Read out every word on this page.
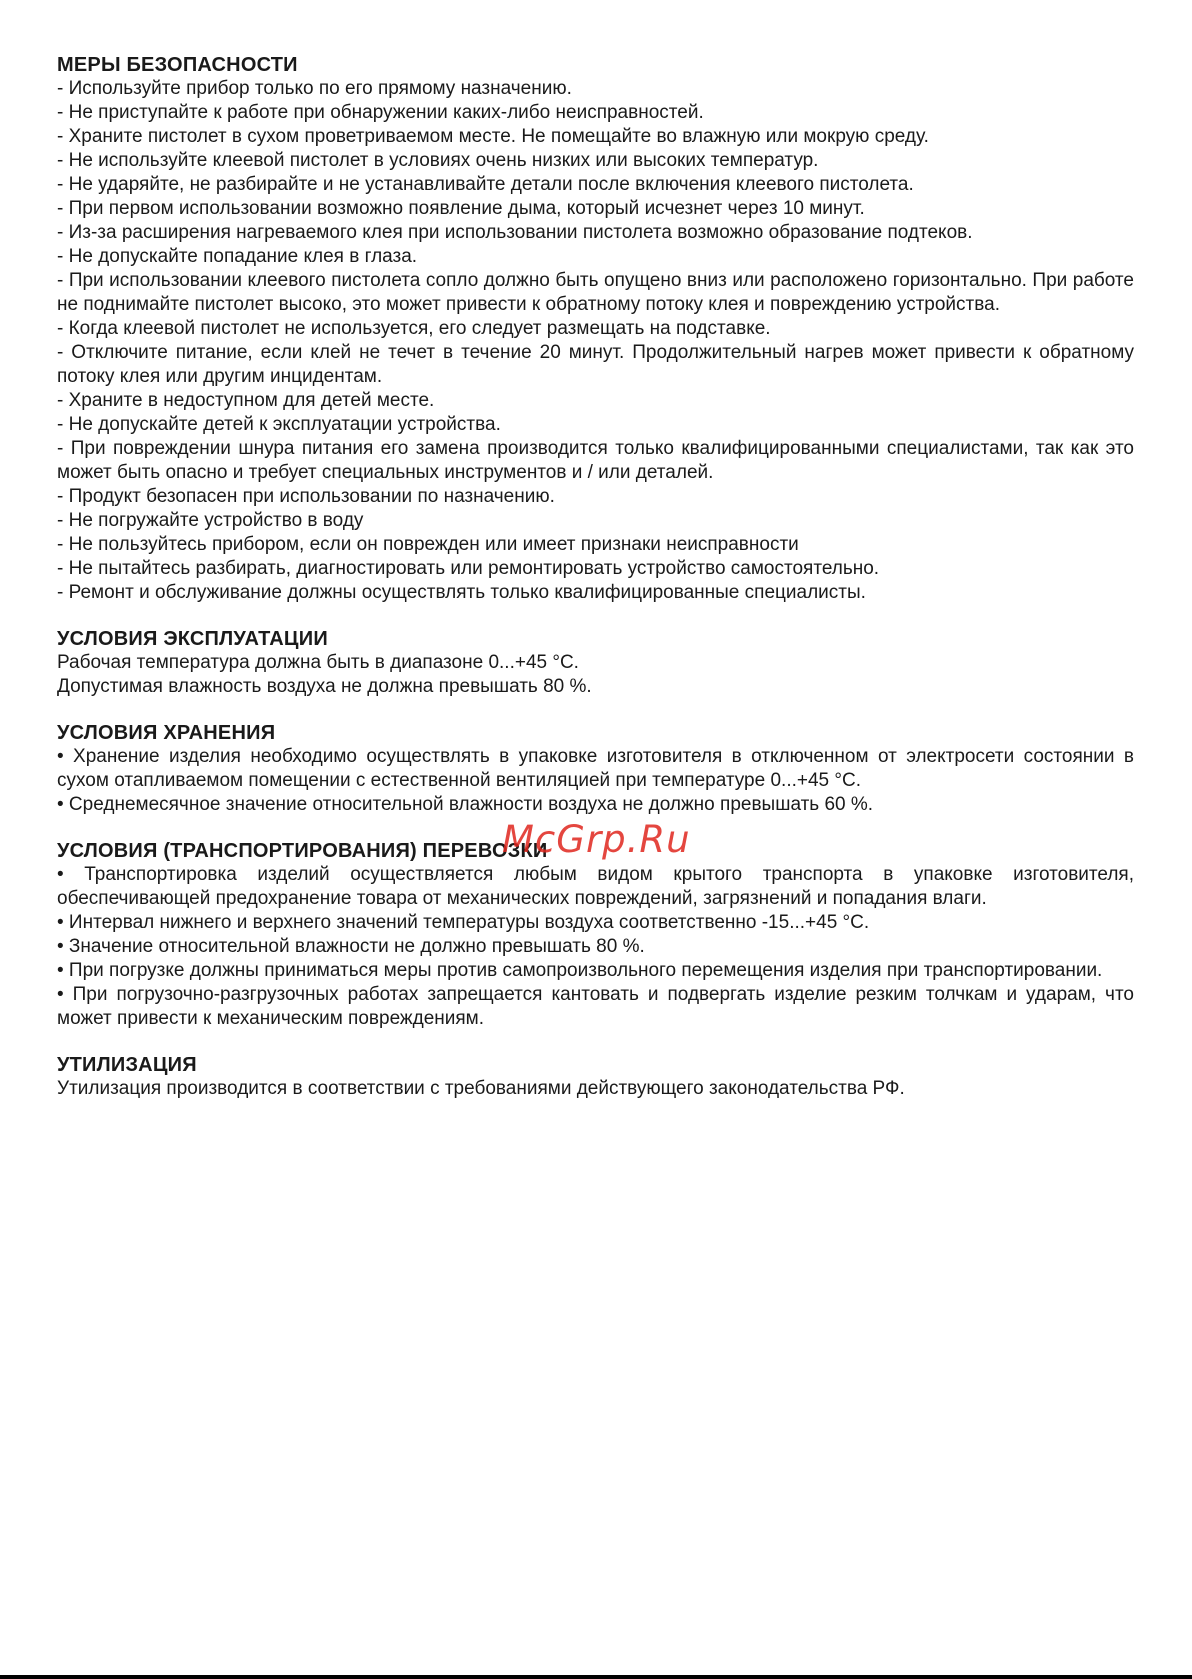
МЕРЫ БЕЗОПАСНОСТИ

- Используйте прибор только по его прямому назначению.

- Не приступайте к работе при обнаружении каких-либо неисправностей.

- Храните пистолет в сухом проветриваемом месте. Не помещайте во влажную или мокрую среду.

- Не используйте клеевой пистолет в условиях очень низких или высоких температур.

- Не ударяйте, не разбирайте и не устанавливайте детали после включения клеевого пистолета.

- При первом использовании возможно появление дыма, который исчезнет через 10 минут.

- Из-за расширения нагреваемого клея при использовании пистолета возможно образование подтеков.

- Не допускайте попадание клея в глаза.

- При использовании клеевого пистолета сопло должно быть опущено вниз или расположено горизонтально. При работе не поднимайте пистолет высоко, это может привести к обратному потоку клея и повреждению устройства.

- Когда клеевой пистолет не используется, его следует размещать на подставке.

- Отключите питание, если клей не течет в течение 20 минут. Продолжительный нагрев может привести к обратному потоку клея или другим инцидентам.

- Храните в недоступном для детей месте.

- Не допускайте детей к эксплуатации устройства.

- При повреждении шнура питания его замена производится только квалифицированными специалистами, так как это может быть опасно и требует специальных инструментов и / или деталей.

- Продукт безопасен при использовании по назначению.

- Не погружайте устройство в воду

- Не пользуйтесь прибором, если он поврежден или имеет признаки неисправности

- Не пытайтесь разбирать, диагностировать или ремонтировать устройство самостоятельно.

- Ремонт и обслуживание должны осуществлять только квалифицированные специалисты.

УСЛОВИЯ ЭКСПЛУАТАЦИИ

Рабочая температура должна быть в диапазоне 0...+45 °С.

Допустимая влажность воздуха не должна превышать 80 %.

УСЛОВИЯ ХРАНЕНИЯ

• Хранение изделия необходимо осуществлять в упаковке изготовителя в отключенном от электросети состоянии в сухом отапливаемом помещении с естественной вентиляцией при температуре 0...+45 °С.

• Среднемесячное значение относительной влажности воздуха не должно превышать 60 %.

УСЛОВИЯ (ТРАНСПОРТИРОВАНИЯ) ПЕРЕВОЗКИ

• Транспортировка изделий осуществляется любым видом крытого транспорта в упаковке изготовителя, обеспечивающей предохранение товара от механических повреждений, загрязнений и попадания влаги.

• Интервал нижнего и верхнего значений температуры воздуха соответственно -15...+45 °С.

• Значение относительной влажности не должно превышать 80 %.

• При погрузке должны приниматься меры против самопроизвольного перемещения изделия при транспортировании.

• При погрузочно-разгрузочных работах запрещается кантовать и подвергать изделие резким толчкам и ударам, что может привести к механическим повреждениям.

УТИЛИЗАЦИЯ

Утилизация производится в соответствии с требованиями действующего законодательства РФ.

McGrp.Ru
